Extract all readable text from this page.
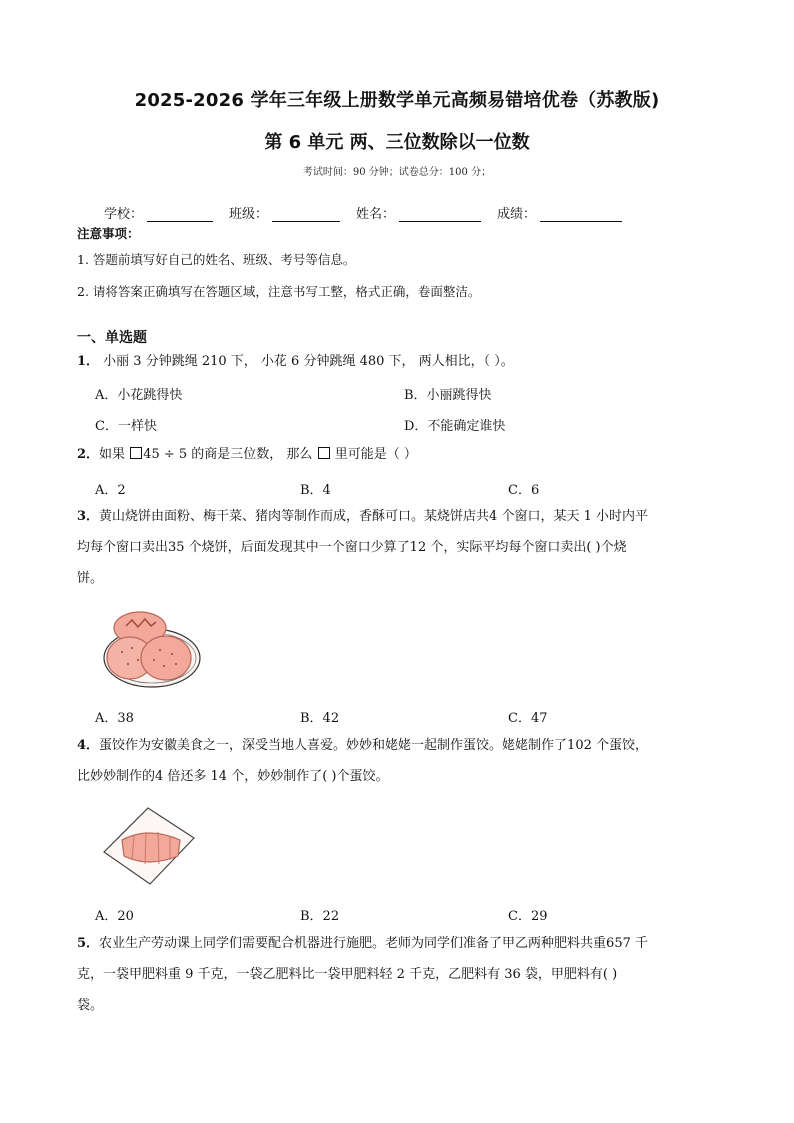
2025-2026 学年三年级上册数学单元高频易错培优卷（苏教版)
第 6 单元 两、三位数除以一位数
考试时间：90 分钟；试卷总分：100 分；
学校：	班级：	姓名：	成绩：
注意事项：
1. 答题前填写好自己的姓名、班级、考号等信息。
2. 请将答案正确填写在答题区域，注意书写工整，格式正确，卷面整洁。
一、单选题
1． 小丽 3 分钟跳绳 210 下， 小花 6 分钟跳绳 480 下， 两人相比，（ ）。
A．小花跳得快	B．小丽跳得快
C．一样快	D．不能确定谁快
2．如果 45 ÷ 5 的商是三位数， 那么  里可能是（ ）
A．2	B．4	C．6
3．黄山烧饼由面粉、梅干菜、猪肉等制作而成，香酥可口。某烧饼店共4 个窗口，某天 1 小时内平
均每个窗口卖出35 个烧饼，后面发现其中一个窗口少算了12 个，实际平均每个窗口卖出( )个烧
饼。
A．38	B．42	C．47
4．蛋饺作为安徽美食之一，深受当地人喜爱。妙妙和姥姥一起制作蛋饺。姥姥制作了102 个蛋饺，
比妙妙制作的4 倍还多 14 个，妙妙制作了( )个蛋饺。
A．20	B．22	C．29
5．农业生产劳动课上同学们需要配合机器进行施肥。老师为同学们准备了甲乙两种肥料共重657 千
克，一袋甲肥料重 9 千克，一袋乙肥料比一袋甲肥料轻 2 千克，乙肥料有 36 袋，甲肥料有( )
袋。
